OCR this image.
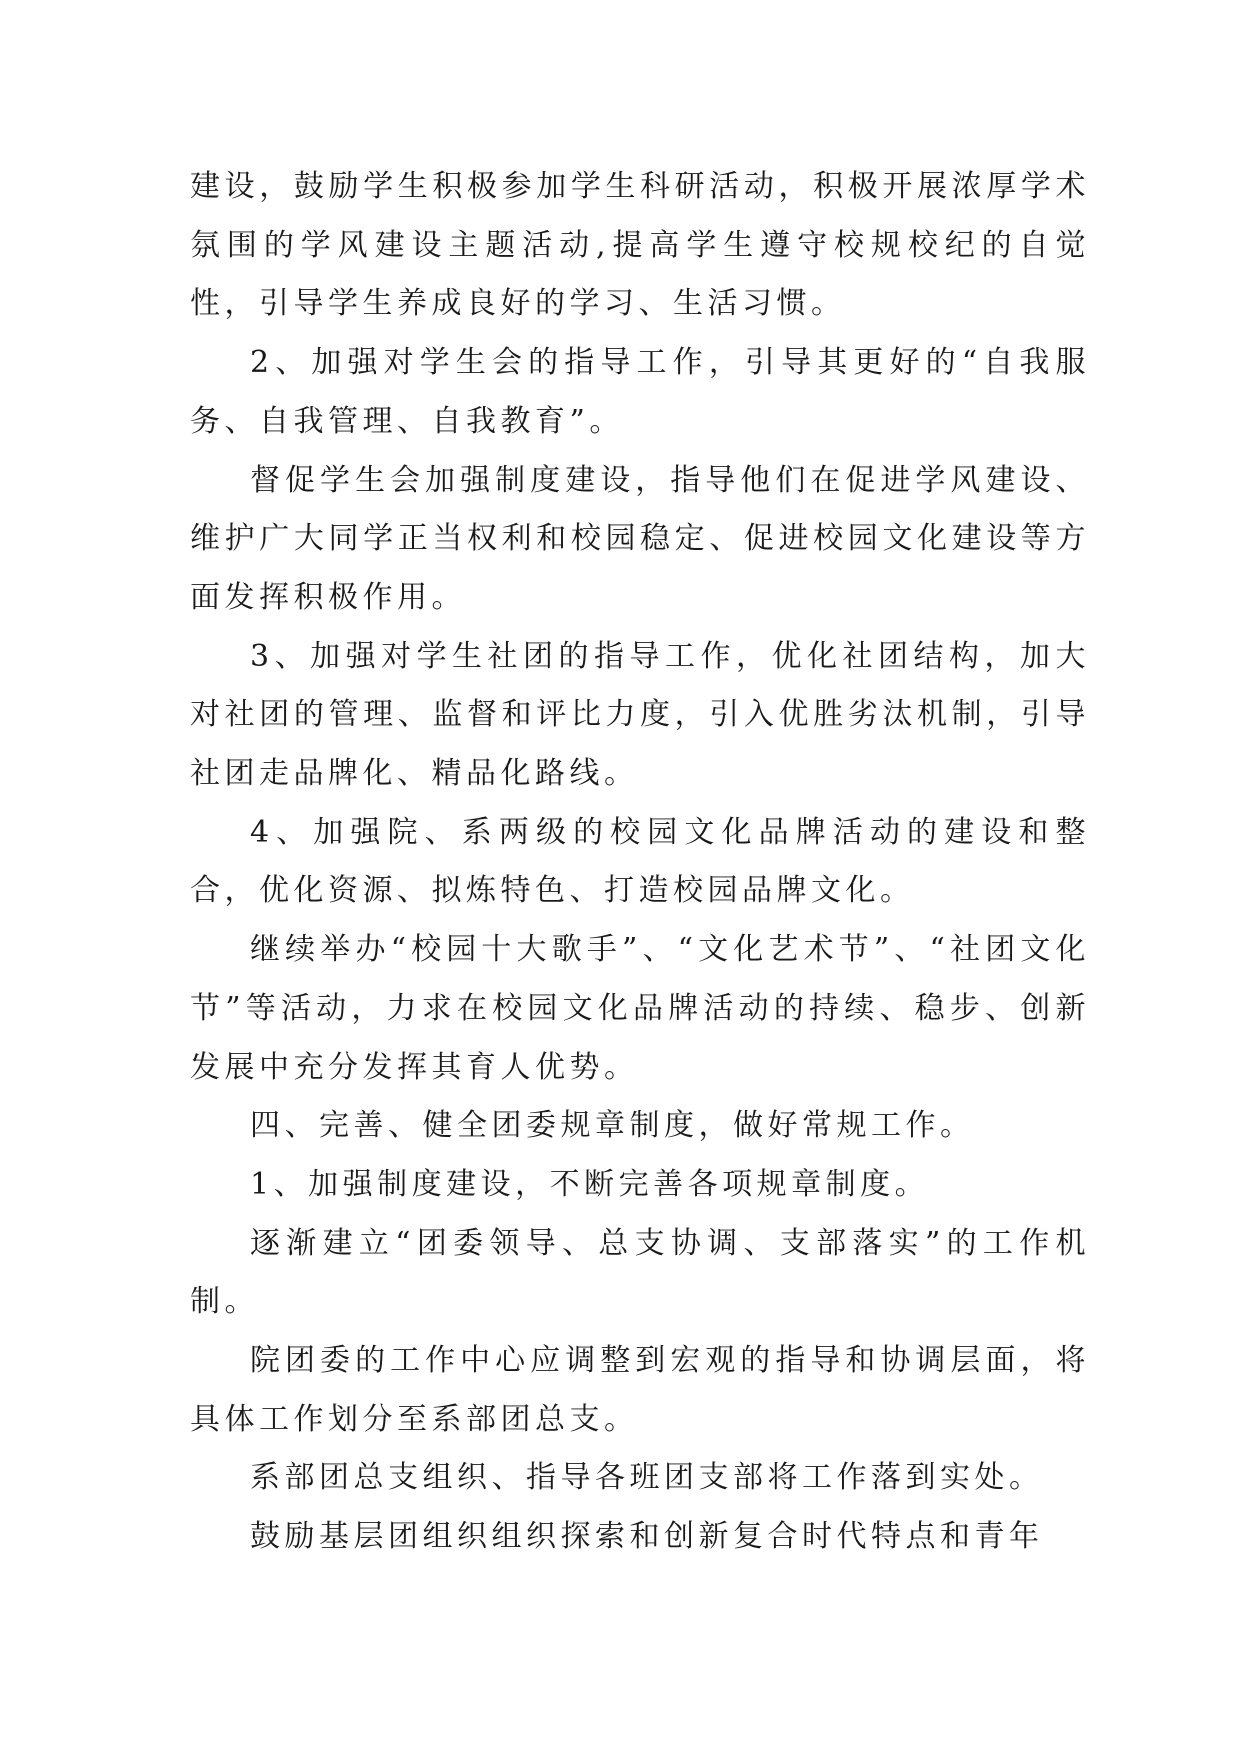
建设，鼓励学生积极参加学生科研活动，积极开展浓厚学术氛围的学风建设主题活动,提高学生遵守校规校纪的自觉性，引导学生养成良好的学习、生活习惯。

2、加强对学生会的指导工作，引导其更好的“自我服务、自我管理、自我教育”。

督促学生会加强制度建设，指导他们在促进学风建设、维护广大同学正当权利和校园稳定、促进校园文化建设等方面发挥积极作用。

3、加强对学生社团的指导工作，优化社团结构，加大对社团的管理、监督和评比力度，引入优胜劣汰机制，引导社团走品牌化、精品化路线。

4、加强院、系两级的校园文化品牌活动的建设和整合，优化资源、拟炼特色、打造校园品牌文化。

继续举办“校园十大歌手”、“文化艺术节”、“社团文化节”等活动，力求在校园文化品牌活动的持续、稳步、创新发展中充分发挥其育人优势。

四、完善、健全团委规章制度，做好常规工作。

1、加强制度建设，不断完善各项规章制度。

逐渐建立“团委领导、总支协调、支部落实”的工作机制。

院团委的工作中心应调整到宏观的指导和协调层面，将具体工作划分至系部团总支。

系部团总支组织、指导各班团支部将工作落到实处。

鼓励基层团组织组织探索和创新复合时代特点和青年
